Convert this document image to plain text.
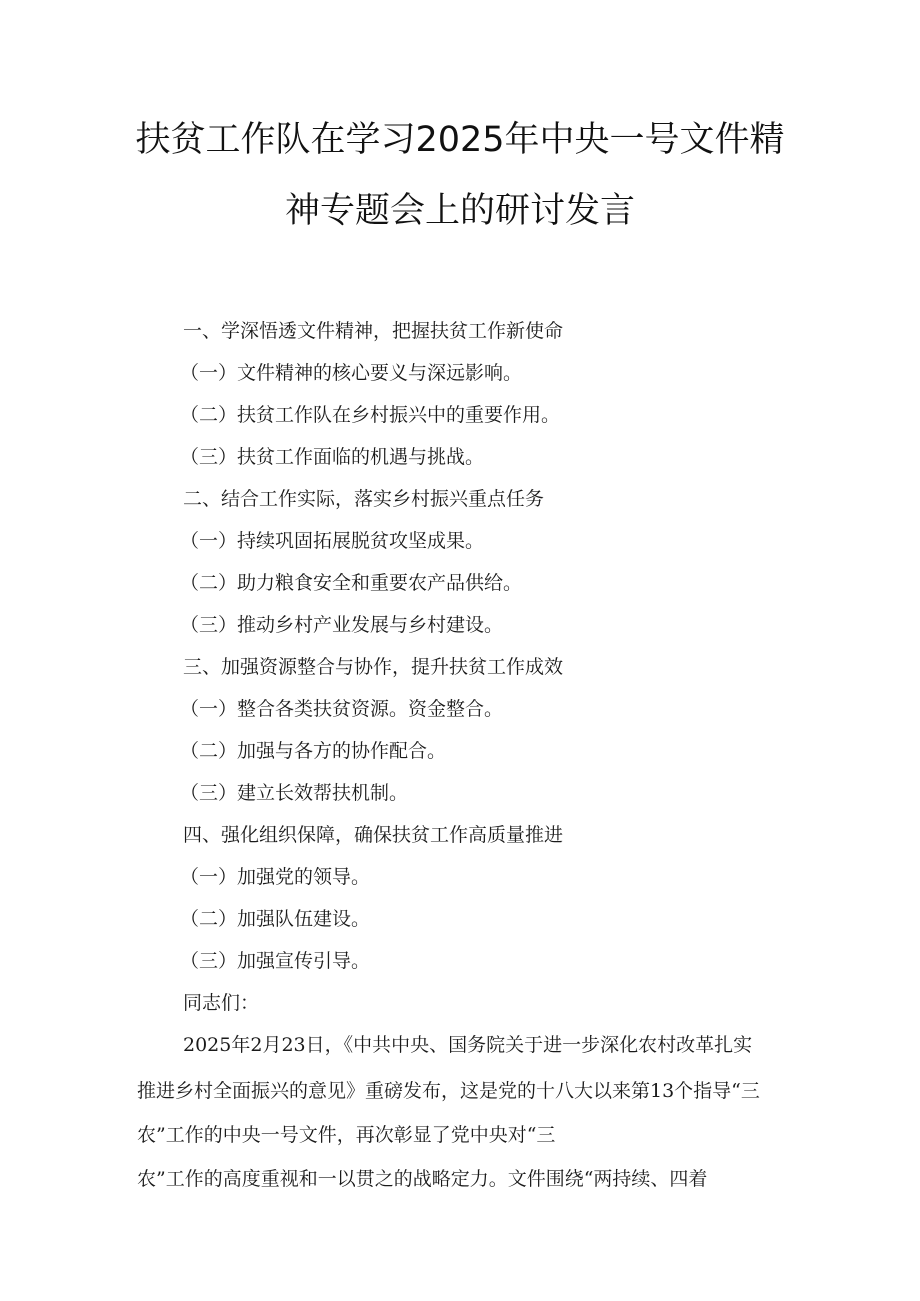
扶贫工作队在学习2025年中央一号文件精
神专题会上的研讨发言
一、学深悟透文件精神，把握扶贫工作新使命
（一）文件精神的核心要义与深远影响。
（二）扶贫工作队在乡村振兴中的重要作用。
（三）扶贫工作面临的机遇与挑战。
二、结合工作实际，落实乡村振兴重点任务
（一）持续巩固拓展脱贫攻坚成果。
（二）助力粮食安全和重要农产品供给。
（三）推动乡村产业发展与乡村建设。
三、加强资源整合与协作，提升扶贫工作成效
（一）整合各类扶贫资源。资金整合。
（二）加强与各方的协作配合。
（三）建立长效帮扶机制。
四、强化组织保障，确保扶贫工作高质量推进
（一）加强党的领导。
（二）加强队伍建设。
（三）加强宣传引导。
同志们：
2025年2月23日，《中共中央、国务院关于进一步深化农村改革扎实
推进乡村全面振兴的意见》重磅发布，这是党的十八大以来第13个指导“三
农”工作的中央一号文件，再次彰显了党中央对“三
农”工作的高度重视和一以贯之的战略定力。文件围绕“两持续、四着
